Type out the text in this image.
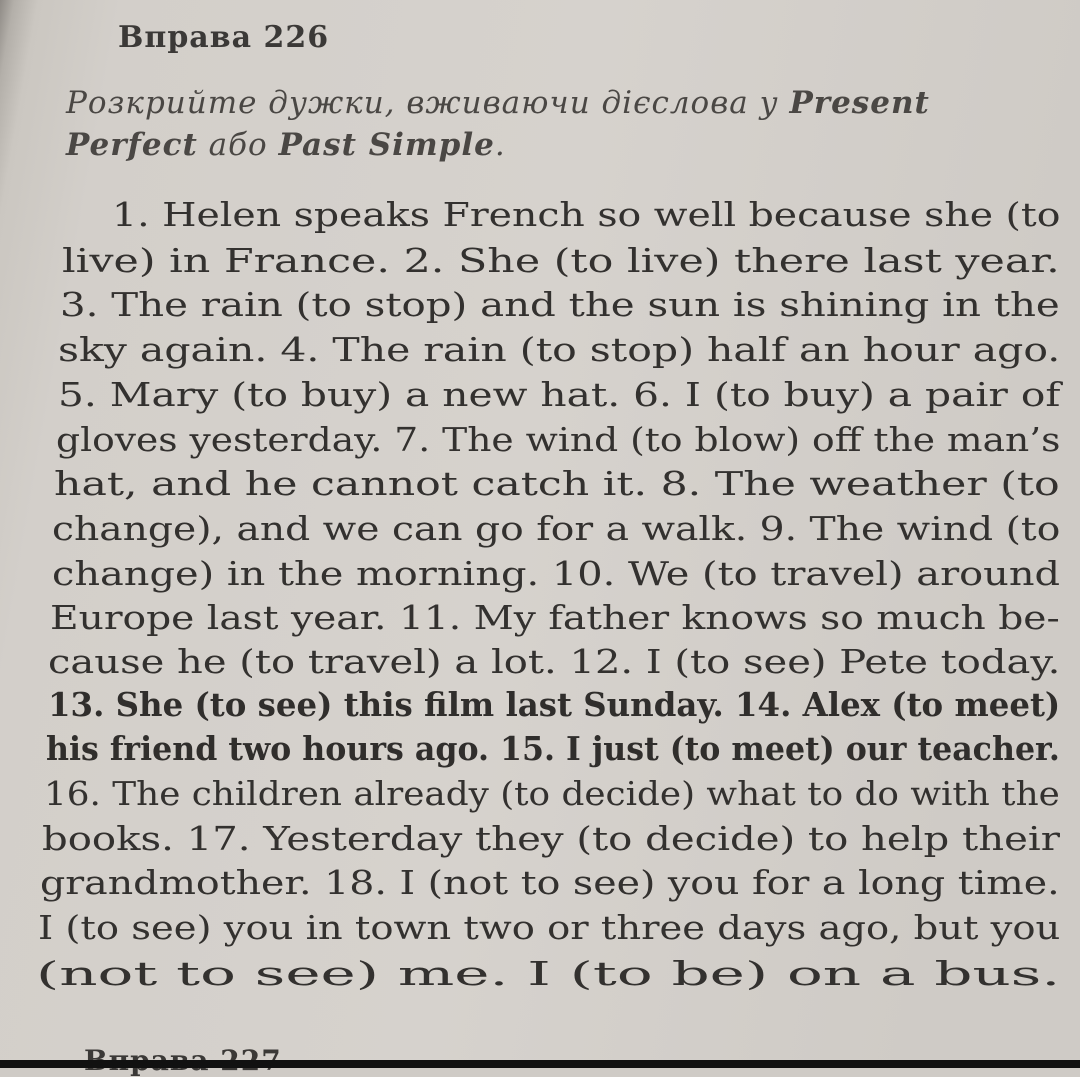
Вправа 226
Розкрийте дужки, вживаючи дієслова у Present Perfect або Past Simple.
1. Helen speaks French so well because she (to
live) in France. 2. She (to live) there last year.
3. The rain (to stop) and the sun is shining in the
sky again. 4. The rain (to stop) half an hour ago.
5. Mary (to buy) a new hat. 6. I (to buy) a pair of
gloves yesterday. 7. The wind (to blow) off the man’s
hat, and he cannot catch it. 8. The weather (to
change), and we can go for a walk. 9. The wind (to
change) in the morning. 10. We (to travel) around
Europe last year. 11. My father knows so much be-
cause he (to travel) a lot. 12. I (to see) Pete today.
13. She (to see) this film last Sunday. 14. Alex (to meet)
his friend two hours ago. 15. I just (to meet) our teacher.
16. The children already (to decide) what to do with the
books. 17. Yesterday they (to decide) to help their
grandmother. 18. I (not to see) you for a long time.
I (to see) you in town two or three days ago, but you
(not to see) me. I (to be) on a bus.
